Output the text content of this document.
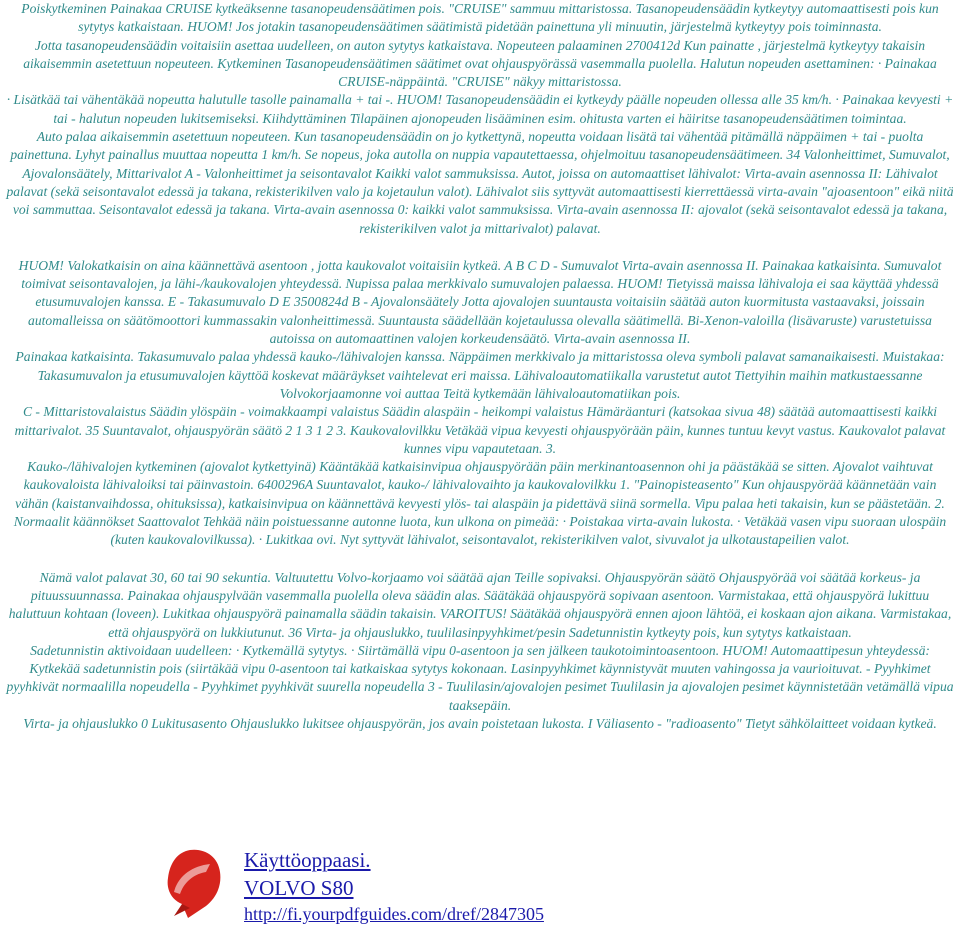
Poiskytkeminen Painakaa CRUISE kytkeäksenne tasanopeudensäätimen pois. "CRUISE" sammuu mittaristossa. Tasanopeudensäädin kytkeytyy automaattisesti pois kun sytytys katkaistaan. HUOM! Jos jotakin tasanopeudensäätimen säätimistä pidetään painettuna yli minuutin, järjestelmä kytkeytyy pois toiminnasta.

Jotta tasanopeudensäädin voitaisiin asettaa uudelleen, on auton sytytys katkaistava. Nopeuteen palaaminen 2700412d Kun painatte , järjestelmä kytkeytyy takaisin aikaisemmin asetettuun nopeuteen. Kytkeminen Tasanopeudensäätimen säätimet ovat ohjauspyörässä vasemmalla puolella. Halutun nopeuden asettaminen: · Painakaa CRUISE-näppäintä. "CRUISE" näkyy mittaristossa.

· Lisätkää tai vähentäkää nopeutta halutulle tasolle painamalla + tai -. HUOM! Tasanopeudensäädin ei kytkeydy päälle nopeuden ollessa alle 35 km/h. · Painakaa kevyesti + tai - halutun nopeuden lukitsemiseksi. Kiihdyttäminen Tilapäinen ajonopeuden lisääminen esim. ohitusta varten ei häiritse tasanopeudensäätimen toimintaa.

Auto palaa aikaisemmin asetettuun nopeuteen. Kun tasanopeudensäädin on jo kytkettynä, nopeutta voidaan lisätä tai vähentää pitämällä näppäimen + tai - puolta painettuna. Lyhyt painallus muuttaa nopeutta 1 km/h. Se nopeus, joka autolla on nuppia vapautettaessa, ohjelmoituu tasanopeudensäätimeen. 34 Valonheittimet, Sumuvalot, Ajovalonsäätely, Mittarivalot A - Valonheittimet ja seisontavalot Kaikki valot sammuksissa. Autot, joissa on automaattiset lähivalot: Virta-avain asennossa II: Lähivalot palavat (sekä seisontavalot edessä ja takana, rekisterikilven valo ja kojetaulun valot). Lähivalot siis syttyvät automaattisesti kierrettäessä virta-avain "ajoasentoon" eikä niitä voi sammuttaa. Seisontavalot edessä ja takana. Virta-avain asennossa 0: kaikki valot sammuksissa. Virta-avain asennossa II: ajovalot (sekä seisontavalot edessä ja takana, rekisterikilven valot ja mittarivalot) palavat.

HUOM! Valokatkaisin on aina käännettävä asentoon , jotta kaukovalot voitaisiin kytkeä. A B C D - Sumuvalot Virta-avain asennossa II. Painakaa katkaisinta. Sumuvalot toimivat seisontavalojen, ja lähi-/kaukovalojen yhteydessä. Nupissa palaa merkkivalo sumuvalojen palaessa. HUOM! Tietyissä maissa lähivaloja ei saa käyttää yhdessä etusumuvalojen kanssa. E - Takasumuvalo D E 3500824d B - Ajovalonsäätely Jotta ajovalojen suuntausta voitaisiin säätää auton kuormitusta vastaavaksi, joissain automalleissa on säätömoottori kummassakin valonheittimessä. Suuntausta säädellään kojetaulussa olevalla säätimellä. Bi-Xenon-valoilla (lisävaruste) varustetuissa autoissa on automaattinen valojen korkeudensäätö. Virta-avain asennossa II.

Painakaa katkaisinta. Takasumuvalo palaa yhdessä kauko-/lähivalojen kanssa. Näppäimen merkkivalo ja mittaristossa oleva symboli palavat samanaikaisesti. Muistakaa: Takasumuvalon ja etusumuvalojen käyttöä koskevat määräykset vaihtelevat eri maissa. Lähivaloautomatiikalla varustetut autot Tiettyihin maihin matkustaessanne Volvokorjaamonne voi auttaa Teitä kytkemään lähivaloautomatiikan pois.

C - Mittaristovalaistus Säädin ylöspäin - voimakkaampi valaistus Säädin alaspäin - heikompi valaistus Hämäräanturi (katsokaa sivua 48) säätää automaattisesti kaikki mittarivalot. 35 Suuntavalot, ohjauspyörän säätö 2 1 3 1 2 3. Kaukovalovilkku Vetäkää vipua kevyesti ohjauspyörään päin, kunnes tuntuu kevyt vastus. Kaukovalot palavat kunnes vipu vapautetaan. 3.

Kauko-/lähivalojen kytkeminen (ajovalot kytkettyinä) Kääntäkää katkaisinvipua ohjauspyörään päin merkinantoasennon ohi ja päästäkää se sitten. Ajovalot vaihtuvat kaukovaloista lähivaloiksi tai päinvastoin. 6400296A Suuntavalot, kauko-/ lähivalovaihto ja kaukovalovilkku 1. "Painopisteasento" Kun ohjauspyörää käännetään vain vähän (kaistanvaihdossa, ohituksissa), katkaisinvipua on käännettävä kevyesti ylös- tai alaspäin ja pidettävä siinä sormella. Vipu palaa heti takaisin, kun se päästetään. 2. Normaalit käännökset Saattovalot Tehkää näin poistuessanne autonne luota, kun ulkona on pimeää: · Poistakaa virta-avain lukosta. · Vetäkää vasen vipu suoraan ulospäin (kuten kaukovalovilkussa). · Lukitkaa ovi. Nyt syttyvät lähivalot, seisontavalot, rekisterikilven valot, sivuvalot ja ulkotaustapeilien valot.

Nämä valot palavat 30, 60 tai 90 sekuntia. Valtuutettu Volvo-korjaamo voi säätää ajan Teille sopivaksi. Ohjauspyörän säätö Ohjauspyörää voi säätää korkeus- ja pituussuunnassa. Painakaa ohjauspylvään vasemmalla puolella oleva säädin alas. Säätäkää ohjauspyörä sopivaan asentoon. Varmistakaa, että ohjauspyörä lukittuu haluttuun kohtaan (loveen). Lukitkaa ohjauspyörä painamalla säädin takaisin. VAROITUS! Säätäkää ohjauspyörä ennen ajoon lähtöä, ei koskaan ajon aikana. Varmistakaa, että ohjauspyörä on lukkiutunut. 36 Virta- ja ohjauslukko, tuulilasinpyyhkimet/pesin Sadetunnistin kytkeyty pois, kun sytytys katkaistaan.

Sadetunnistin aktivoidaan uudelleen: · Kytkemällä sytytys. · Siirtämällä vipu 0-asentoon ja sen jälkeen taukotoimintoasentoon. HUOM! Automaattipesun yhteydessä: Kytkekää sadetunnistin pois (siirtäkää vipu 0-asentoon tai katkaiskaa sytytys kokonaan. Lasinpyyhkimet käynnistyvät muuten vahingossa ja vaurioituvat. - Pyyhkimet pyyhkivät normaalilla nopeudella - Pyyhkimet pyyhkivät suurella nopeudella 3 - Tuulilasin/ajovalojen pesimet Tuulilasin ja ajovalojen pesimet käynnistetään vetämällä vipua taaksepäin.

Virta- ja ohjauslukko 0 Lukitusasento Ohjauslukko lukitsee ohjauspyörän, jos avain poistetaan lukosta. I Väliasento - "radioasento" Tietyt sähkölaitteet voidaan kytkeä.

Käyttöoppaasi.
VOLVO S80
http://fi.yourpdfguides.com/dref/2847305
